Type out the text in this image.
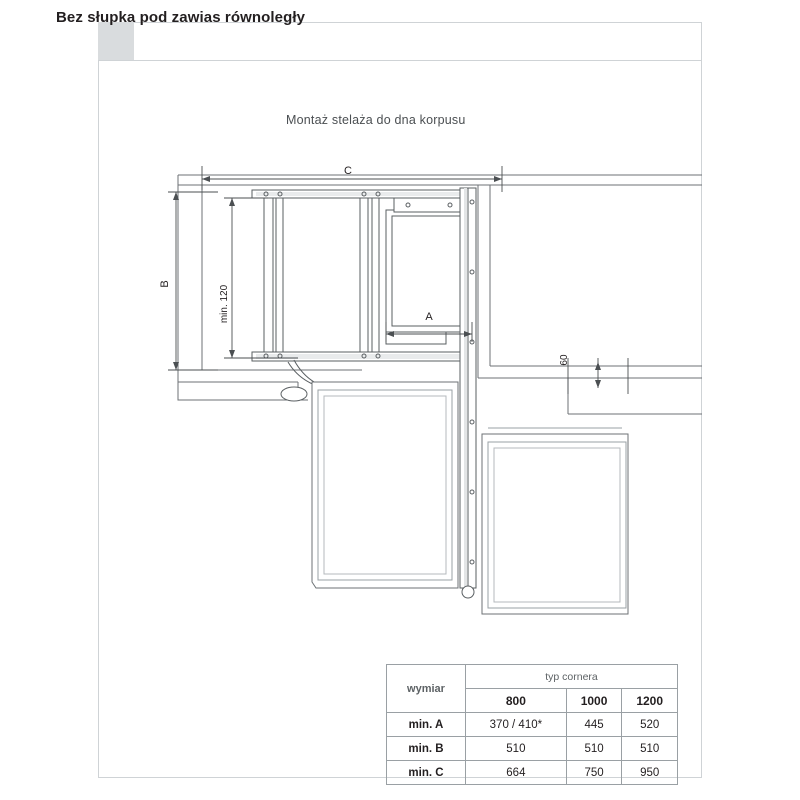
Bez słupka pod zawias równoległy
Montaż stelaża do dna korpusu
C
B
min. 120	A
60
wymiar	typ cornera		
	800	1000	1200
min. A	370 / 410*	445	520
min. B	510	510	510
min. C	664	750	950
